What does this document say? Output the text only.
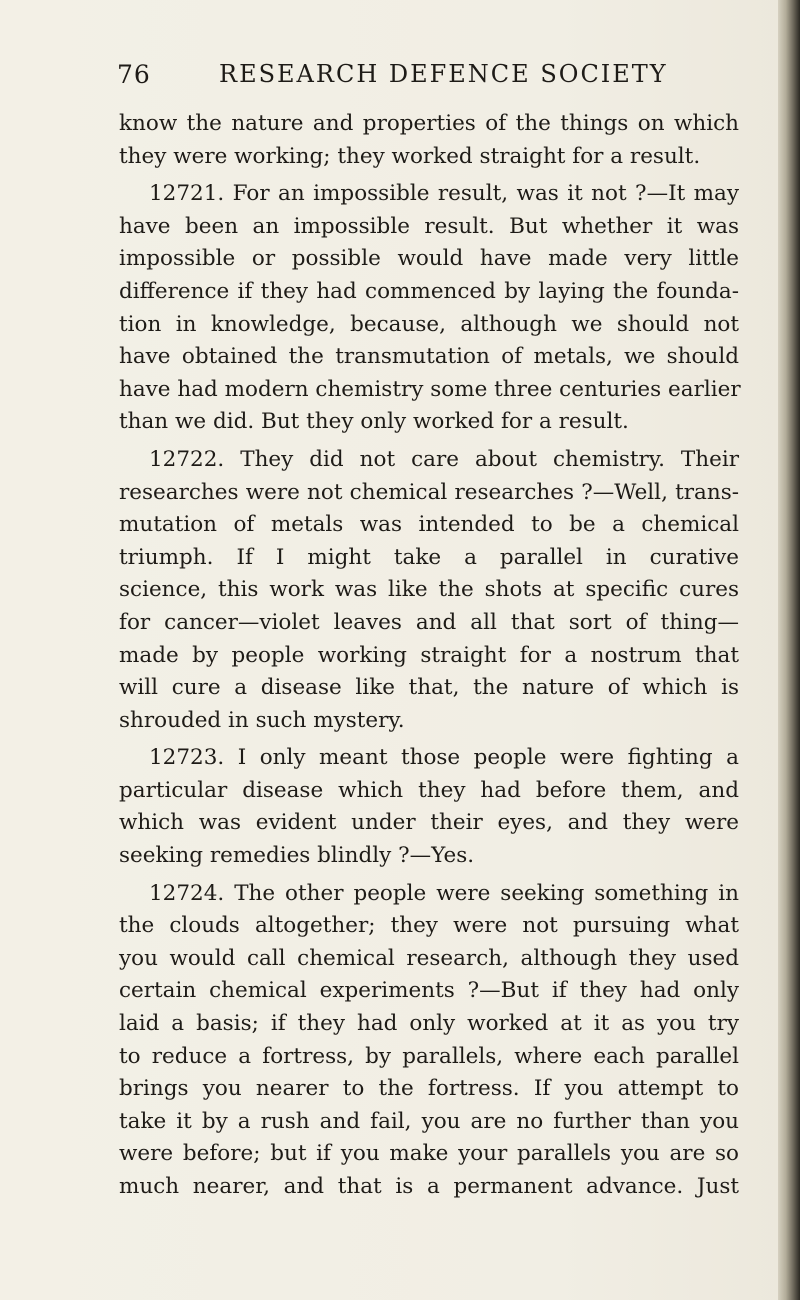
76	RESEARCH DEFENCE SOCIETY
know the nature and properties of the things on which
they were working; they worked straight for a result.
12721. For an impossible result, was it not ?—It may
have been an impossible result. But whether it was
impossible or possible would have made very little
difference if they had commenced by laying the founda-
tion in knowledge, because, although we should not
have obtained the transmutation of metals, we should
have had modern chemistry some three centuries earlier
than we did. But they only worked for a result.
12722. They did not care about chemistry. Their
researches were not chemical researches ?—Well, trans-
mutation of metals was intended to be a chemical
triumph. If I might take a parallel in curative
science, this work was like the shots at specific cures
for cancer—violet leaves and all that sort of thing—
made by people working straight for a nostrum that
will cure a disease like that, the nature of which is
shrouded in such mystery.
12723. I only meant those people were fighting a
particular disease which they had before them, and
which was evident under their eyes, and they were
seeking remedies blindly ?—Yes.
12724. The other people were seeking something in
the clouds altogether; they were not pursuing what
you would call chemical research, although they used
certain chemical experiments ?—But if they had only
laid a basis; if they had only worked at it as you try
to reduce a fortress, by parallels, where each parallel
brings you nearer to the fortress. If you attempt to
take it by a rush and fail, you are no further than you
were before; but if you make your parallels you are so
much nearer, and that is a permanent advance. Just
